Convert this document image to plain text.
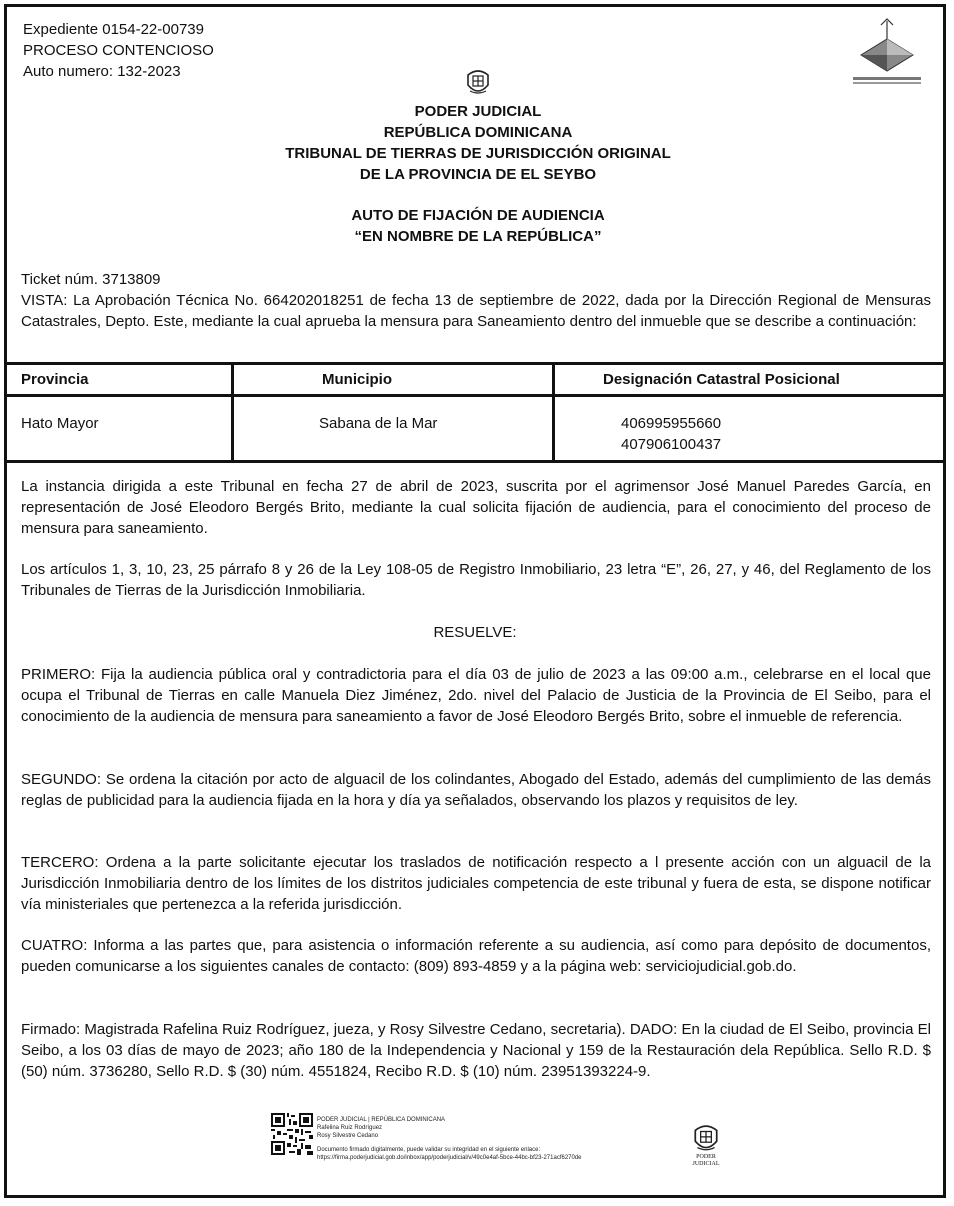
Expediente 0154-22-00739
PROCESO CONTENCIOSO
Auto numero: 132-2023
PODER JUDICIAL
REPÚBLICA DOMINICANA
TRIBUNAL DE TIERRAS DE JURISDICCIÓN ORIGINAL
DE LA PROVINCIA DE EL SEYBO
AUTO DE FIJACIÓN DE AUDIENCIA
“EN NOMBRE DE LA REPÚBLICA”
Ticket núm. 3713809
VISTA: La Aprobación Técnica No. 664202018251 de fecha 13 de septiembre de 2022, dada por la Dirección Regional de Mensuras Catastrales, Depto. Este, mediante la cual aprueba la mensura para Saneamiento dentro del inmueble que se describe a continuación:
Provincia	Municipio	Designación Catastral Posicional
Hato Mayor	Sabana de la Mar	406995955660
407906100437
La instancia dirigida a este Tribunal en fecha 27 de abril de 2023, suscrita por el agrimensor José Manuel Paredes García, en representación de José Eleodoro Bergés Brito, mediante la cual solicita fijación de audiencia, para el conocimiento del proceso de mensura para saneamiento.
Los artículos 1, 3, 10, 23, 25 párrafo 8 y 26 de la Ley 108-05 de Registro Inmobiliario, 23 letra “E”, 26, 27, y 46, del Reglamento de los Tribunales de Tierras de la Jurisdicción Inmobiliaria.
RESUELVE:
PRIMERO: Fija la audiencia pública oral y contradictoria para el día 03 de julio de 2023 a las 09:00 a.m., celebrarse en el local que ocupa el Tribunal de Tierras en calle Manuela Diez Jiménez, 2do. nivel del Palacio de Justicia de la Provincia de El Seibo, para el conocimiento de la audiencia de mensura para saneamiento a favor de José Eleodoro Bergés Brito, sobre el inmueble de referencia.
SEGUNDO: Se ordena la citación por acto de alguacil de los colindantes, Abogado del Estado, además del cumplimiento de las demás reglas de publicidad para la audiencia fijada en la hora y día ya señalados, observando los plazos y requisitos de ley.
TERCERO: Ordena a la parte solicitante ejecutar los traslados de notificación respecto a l presente acción con un alguacil de la Jurisdicción Inmobiliaria dentro de los límites de los distritos judiciales competencia de este tribunal y fuera de esta, se dispone notificar vía ministeriales que pertenezca a la referida jurisdicción.
CUATRO: Informa a las partes que, para asistencia o información referente a su audiencia, así como para depósito de documentos, pueden comunicarse a los siguientes canales de contacto: (809) 893-4859 y a la página web: serviciojudicial.gob.do.
Firmado: Magistrada Rafelina Ruiz Rodríguez, jueza, y Rosy Silvestre Cedano, secretaria). DADO: En la ciudad de El Seibo, provincia El Seibo, a los 03 días de mayo de 2023; año 180 de la Independencia y Nacional y 159 de la Restauración dela República. Sello R.D. $ (50) núm. 3736280, Sello R.D. $ (30) núm. 4551824, Recibo R.D. $ (10) núm. 23951393224-9.
PODER JUDICIAL | REPÚBLICA DOMINICANA
Rafelina Ruiz Rodríguez
Rosy Silvestre Cedano
Documento firmado digitalmente, puede validar su integridad en el siguiente enlace:
https://firma.poderjudicial.gob.do/inbox/app/poderjudicial/v/49c0e4af-5bce-44bc-bf23-271acf6270de	PODER JUDICIAL
